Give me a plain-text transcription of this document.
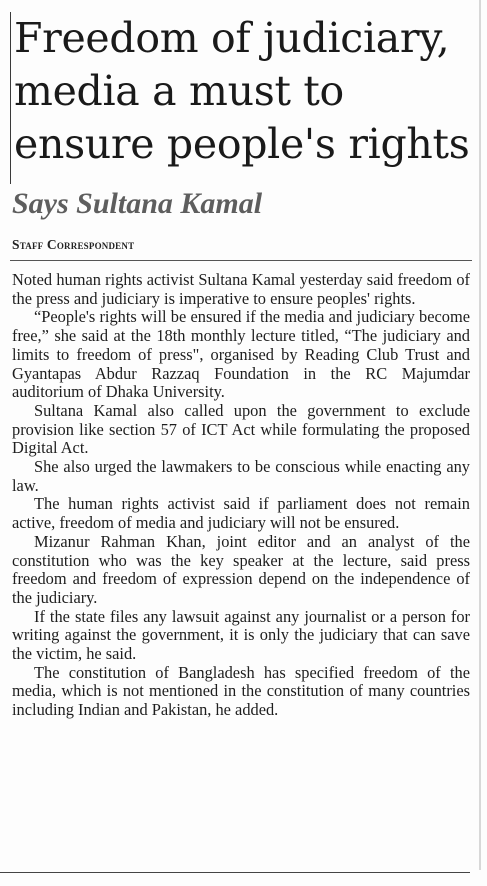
Freedom of judiciary,
media a must to
ensure people's rights
Says Sultana Kamal
Staff Correspondent

Noted human rights activist Sultana Kamal yesterday said freedom of the press and judiciary is imperative to ensure peoples' rights.

“People's rights will be ensured if the media and judiciary become free,” she said at the 18th monthly lecture titled, “The judiciary and limits to freedom of press", organised by Reading Club Trust and Gyantapas Abdur Razzaq Foundation in the RC Majumdar auditorium of Dhaka University.

Sultana Kamal also called upon the government to exclude provision like section 57 of ICT Act while formulating the proposed Digital Act.

She also urged the lawmakers to be conscious while enacting any law.

The human rights activist said if parliament does not remain active, freedom of media and judiciary will not be ensured.

Mizanur Rahman Khan, joint editor and an analyst of the constitution who was the key speaker at the lecture, said press freedom and freedom of expression depend on the independence of the judiciary.

If the state files any lawsuit against any journalist or a person for writing against the government, it is only the judiciary that can save the victim, he said.

The constitution of Bangladesh has specified freedom of the media, which is not mentioned in the constitution of many countries including Indian and Pakistan, he added.
